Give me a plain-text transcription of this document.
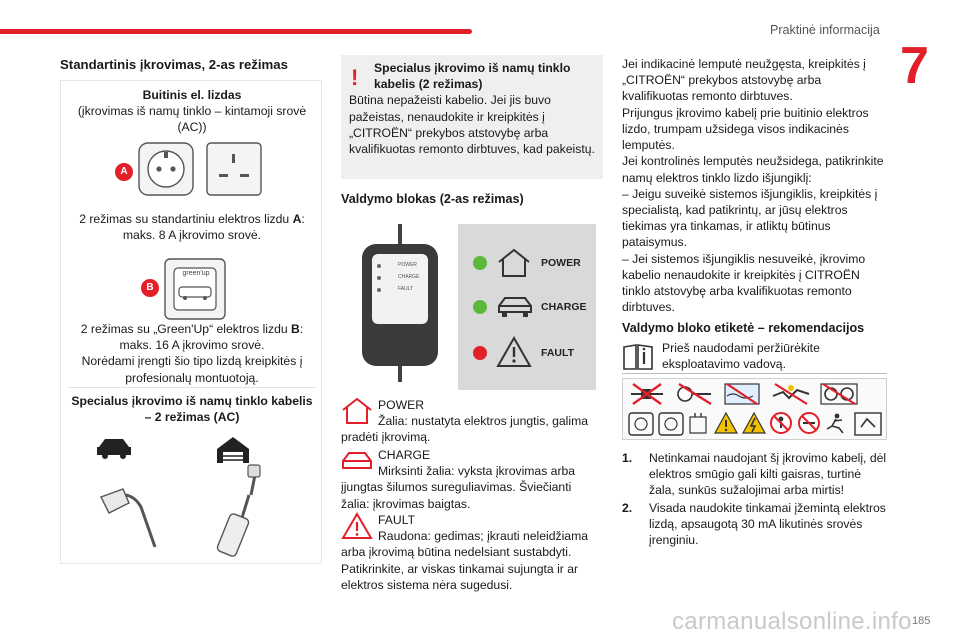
Praktinė informacija
7
carmanualsonline.info 185
Standartinis įkrovimas, 2-as režimas
Buitinis el. lizdas
(įkrovimas iš namų tinklo – kintamoji srovė (AC))
A
2 režimas su standartiniu elektros lizdu A: maks. 8 A įkrovimo srovė.
B
green'up
2 režimas su „Green'Up“ elektros lizdu B: maks. 16 A įkrovimo srovė.
Norėdami įrengti šio tipo lizdą kreipkitės į profesionalų montuotoją.
Specialus įkrovimo iš namų tinklo kabelis – 2 režimas (AC)
! Specialus įkrovimo iš namų tinklo kabelis (2 režimas)
Būtina nepažeisti kabelio. Jei jis buvo pažeistas, nenaudokite ir kreipkitės į „CITROËN“ prekybos atstovybę arba kvalifikuotas remonto dirbtuves, kad pakeistų.
Valdymo blokas (2-as režimas)
POWER
CHARGE
FAULT
POWER
CHARGE
FAULT
POWER
Žalia: nustatyta elektros jungtis, galima pradėti įkrovimą.
CHARGE
Mirksinti žalia: vyksta įkrovimas arba įjungtas šilumos sureguliavimas. Šviečianti žalia: įkrovimas baigtas.
FAULT
Raudona: gedimas; įkrauti neleidžiama arba įkrovimą būtina nedelsiant sustabdyti. Patikrinkite, ar viskas tinkamai sujungta ir ar elektros sistema nėra sugedusi.
Jei indikacinė lemputė neužgęsta, kreipkitės į „CITROËN“ prekybos atstovybę arba kvalifikuotas remonto dirbtuves.
Prijungus įkrovimo kabelį prie buitinio elektros lizdo, trumpam užsidega visos indikacinės lemputės.
Jei kontrolinės lemputės neužsidega, patikrinkite namų elektros tinklo lizdo išjungiklį:
– Jeigu suveikė sistemos išjungiklis, kreipkitės į specialistą, kad patikrintų, ar jūsų elektros tiekimas yra tinkamas, ir atliktų būtinus pataisymus.
– Jei sistemos išjungiklis nesuveikė, įkrovimo kabelio nenaudokite ir kreipkitės į CITROËN tinklo atstovybę arba kvalifikuotas remonto dirbtuves.
Valdymo bloko etiketė – rekomendacijos
Prieš naudodami peržiūrėkite eksploatavimo vadovą.
1.	Netinkamai naudojant šį įkrovimo kabelį, dėl elektros smūgio gali kilti gaisras, turtinė žala, sunkūs sužalojimai arba mirtis!
2.	Visada naudokite tinkamai įžemintą elektros lizdą, apsaugotą 30 mA likutinės srovės įrenginiu.
